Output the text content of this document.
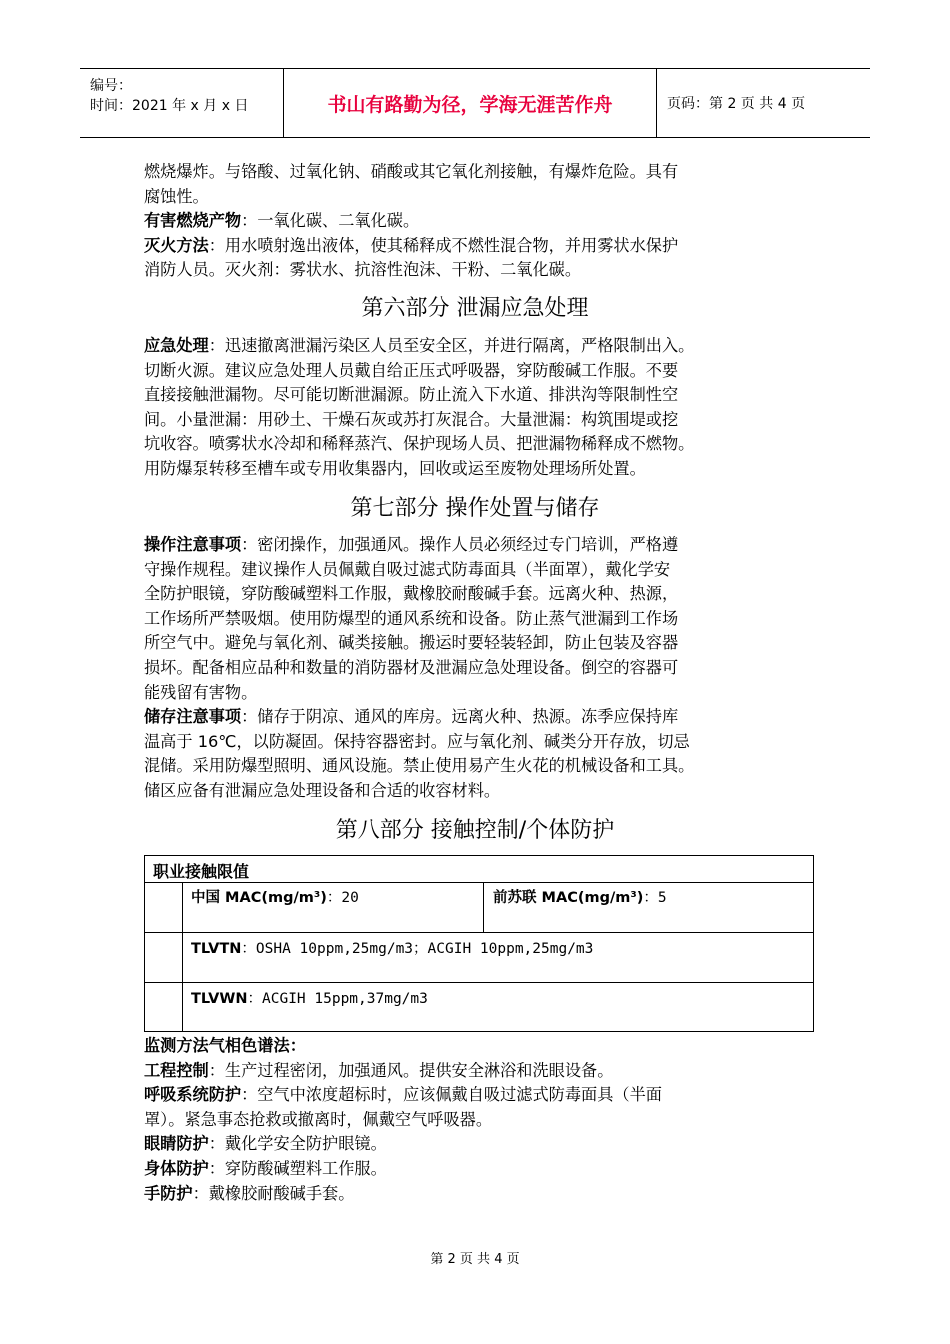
编号：
时间：2021 年 x 月 x 日	书山有路勤为径，学海无涯苦作舟	页码：第 2 页 共 4 页
燃烧爆炸。与铬酸、过氧化钠、硝酸或其它氧化剂接触，有爆炸危险。具有
腐蚀性。
有害燃烧产物：一氧化碳、二氧化碳。
灭火方法：用水喷射逸出液体，使其稀释成不燃性混合物，并用雾状水保护
消防人员。灭火剂：雾状水、抗溶性泡沫、干粉、二氧化碳。
第六部分 泄漏应急处理
应急处理：迅速撤离泄漏污染区人员至安全区，并进行隔离，严格限制出入。
切断火源。建议应急处理人员戴自给正压式呼吸器，穿防酸碱工作服。不要
直接接触泄漏物。尽可能切断泄漏源。防止流入下水道、排洪沟等限制性空
间。小量泄漏：用砂土、干燥石灰或苏打灰混合。大量泄漏：构筑围堤或挖
坑收容。喷雾状水冷却和稀释蒸汽、保护现场人员、把泄漏物稀释成不燃物。
用防爆泵转移至槽车或专用收集器内，回收或运至废物处理场所处置。
第七部分 操作处置与储存
操作注意事项：密闭操作，加强通风。操作人员必须经过专门培训，严格遵
守操作规程。建议操作人员佩戴自吸过滤式防毒面具（半面罩），戴化学安
全防护眼镜，穿防酸碱塑料工作服，戴橡胶耐酸碱手套。远离火种、热源，
工作场所严禁吸烟。使用防爆型的通风系统和设备。防止蒸气泄漏到工作场
所空气中。避免与氧化剂、碱类接触。搬运时要轻装轻卸，防止包装及容器
损坏。配备相应品种和数量的消防器材及泄漏应急处理设备。倒空的容器可
能残留有害物。
储存注意事项：储存于阴凉、通风的库房。远离火种、热源。冻季应保持库
温高于 16℃，以防凝固。保持容器密封。应与氧化剂、碱类分开存放，切忌
混储。采用防爆型照明、通风设施。禁止使用易产生火花的机械设备和工具。
储区应备有泄漏应急处理设备和合适的收容材料。
第八部分 接触控制/个体防护
职业接触限值
中国 MAC(mg/m³)：20	前苏联 MAC(mg/m³)：5
TLVTN：OSHA 10ppm,25mg/m3；ACGIH 10ppm,25mg/m3
TLVWN：ACGIH 15ppm,37mg/m3
监测方法气相色谱法：
工程控制：生产过程密闭，加强通风。提供安全淋浴和洗眼设备。
呼吸系统防护：空气中浓度超标时，应该佩戴自吸过滤式防毒面具（半面
罩）。紧急事态抢救或撤离时，佩戴空气呼吸器。
眼睛防护：戴化学安全防护眼镜。
身体防护：穿防酸碱塑料工作服。
手防护：戴橡胶耐酸碱手套。
第 2 页 共 4 页
